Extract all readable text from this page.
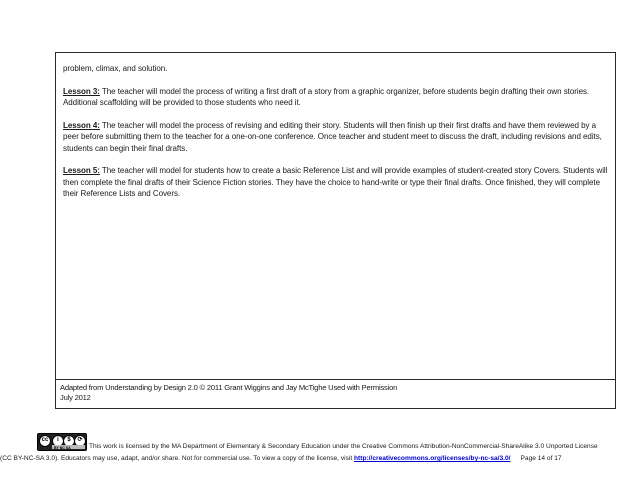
problem, climax, and solution.

Lesson 3: The teacher will model the process of writing a first draft of a story from a graphic organizer, before students begin drafting their own stories. Additional scaffolding will be provided to those students who need it.

Lesson 4: The teacher will model the process of revising and editing their story. Students will then finish up their first drafts and have them reviewed by a peer before submitting them to the teacher for a one-on-one conference. Once teacher and student meet to discuss the draft, including revisions and edits, students can begin their final drafts.

Lesson 5: The teacher will model for students how to create a basic Reference List and will provide examples of student-created story Covers. Students will then complete the final drafts of their Science Fiction stories. They have the choice to hand-write or type their final drafts. Once finished, they will complete their Reference Lists and Covers.

Adapted from Understanding by Design 2.0 © 2011 Grant Wiggins and Jay McTighe Used with Permission
July 2012
cc	i	$	⟳
BY NC SA	This work is licensed by the MA Department of Elementary & Secondary Education under the Creative Commons Attribution-NonCommercial-ShareAlike 3.0 Unported License
(CC BY-NC-SA 3.0). Educators may use, adapt, and/or share. Not for commercial use. To view a copy of the license, visit http://creativecommons.org/licenses/by-nc-sa/3.0/ Page 14 of 17
